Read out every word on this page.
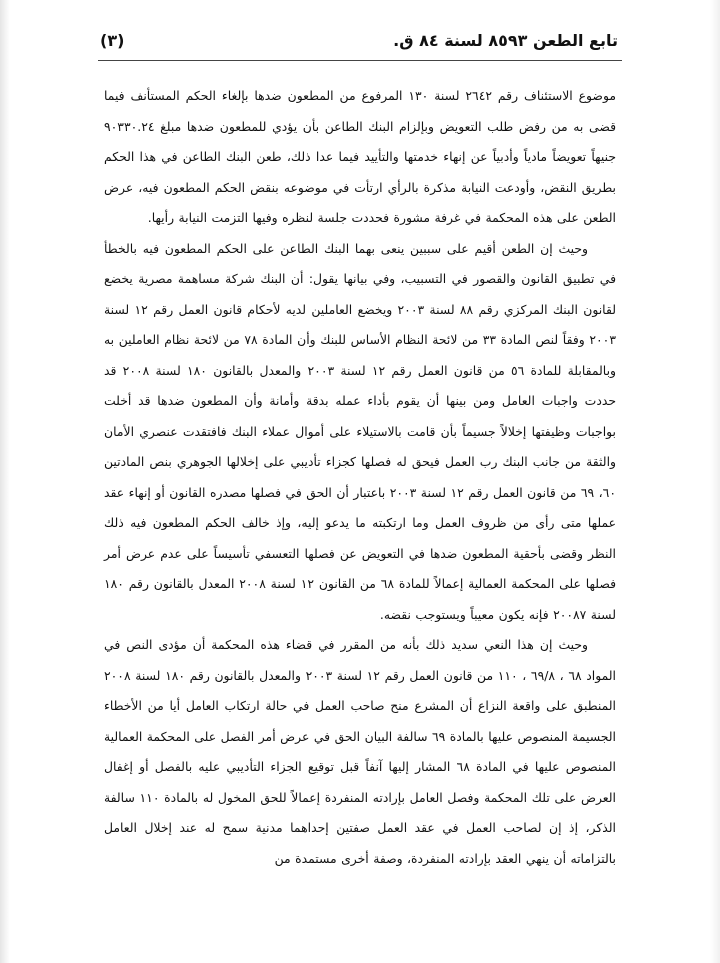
تابع الطعن ٨٥٩٣ لسنة ٨٤ ق.
(٣)

موضوع الاستئناف رقم ٢٦٤٢ لسنة ١٣٠ المرفوع من المطعون ضدها بإلغاء الحكم المستأنف فيما قضى به من رفض طلب التعويض وبإلزام البنك الطاعن بأن يؤدي للمطعون ضدها مبلغ ٩٠٣٣٠.٢٤ جنيهاً تعويضاً مادياً وأدبياً عن إنهاء خدمتها والتأييد فيما عدا ذلك، طعن البنك الطاعن في هذا الحكم بطريق النقض، وأودعت النيابة مذكرة بالرأي ارتأت في موضوعه بنقض الحكم المطعون فيه، عرض الطعن على هذه المحكمة في غرفة مشورة فحددت جلسة لنظره وفيها التزمت النيابة رأيها.

وحيث إن الطعن أقيم على سببين ينعى بهما البنك الطاعن على الحكم المطعون فيه بالخطأ في تطبيق القانون والقصور في التسبيب، وفي بيانها يقول: أن البنك شركة مساهمة مصرية يخضع لقانون البنك المركزي رقم ٨٨ لسنة ٢٠٠٣ ويخضع العاملين لديه لأحكام قانون العمل رقم ١٢ لسنة ٢٠٠٣ وفقاً لنص المادة ٣٣ من لائحة النظام الأساس للبنك وأن المادة ٧٨ من لائحة نظام العاملين به وبالمقابلة للمادة ٥٦ من قانون العمل رقم ١٢ لسنة ٢٠٠٣ والمعدل بالقانون ١٨٠ لسنة ٢٠٠٨ قد حددت واجبات العامل ومن بينها أن يقوم بأداء عمله بدقة وأمانة وأن المطعون ضدها قد أخلت بواجبات وظيفتها إخلالاً جسيماً بأن قامت بالاستيلاء على أموال عملاء البنك فافتقدت عنصري الأمان والثقة من جانب البنك رب العمل فيحق له فصلها كجزاء تأديبي على إخلالها الجوهري بنص المادتين ٦٠، ٦٩ من قانون العمل رقم ١٢ لسنة ٢٠٠٣ باعتبار أن الحق في فصلها مصدره القانون أو إنهاء عقد عملها متى رأى من ظروف العمل وما ارتكبته ما يدعو إليه، وإذ خالف الحكم المطعون فيه ذلك النظر وقضى بأحقية المطعون ضدها في التعويض عن فصلها التعسفي تأسيساً على عدم عرض أمر فصلها على المحكمة العمالية إعمالاً للمادة ٦٨ من القانون ١٢ لسنة ٢٠٠٨ المعدل بالقانون رقم ١٨٠ لسنة ٢٠٠٨٧ فإنه يكون معيباً ويستوجب نقضه.

وحيث إن هذا النعي سديد ذلك بأنه من المقرر في قضاء هذه المحكمة أن مؤدى النص في المواد ٦٨ ، ٦٩/٨ ، ١١٠ من قانون العمل رقم ١٢ لسنة ٢٠٠٣ والمعدل بالقانون رقم ١٨٠ لسنة ٢٠٠٨ المنطبق على واقعة النزاع أن المشرع منح صاحب العمل في حالة ارتكاب العامل أيا من الأخطاء الجسيمة المنصوص عليها بالمادة ٦٩ سالفة البيان الحق في عرض أمر الفصل على المحكمة العمالية المنصوص عليها في المادة ٦٨ المشار إليها آنفاً قبل توقيع الجزاء التأديبي عليه بالفصل أو إغفال العرض على تلك المحكمة وفصل العامل بإرادته المنفردة إعمالاً للحق المخول له بالمادة ١١٠ سالفة الذكر، إذ إن لصاحب العمل في عقد العمل صفتين إحداهما مدنية سمح له عند إخلال العامل بالتزاماته أن ينهي العقد بإرادته المنفردة، وصفة أخرى مستمدة من
